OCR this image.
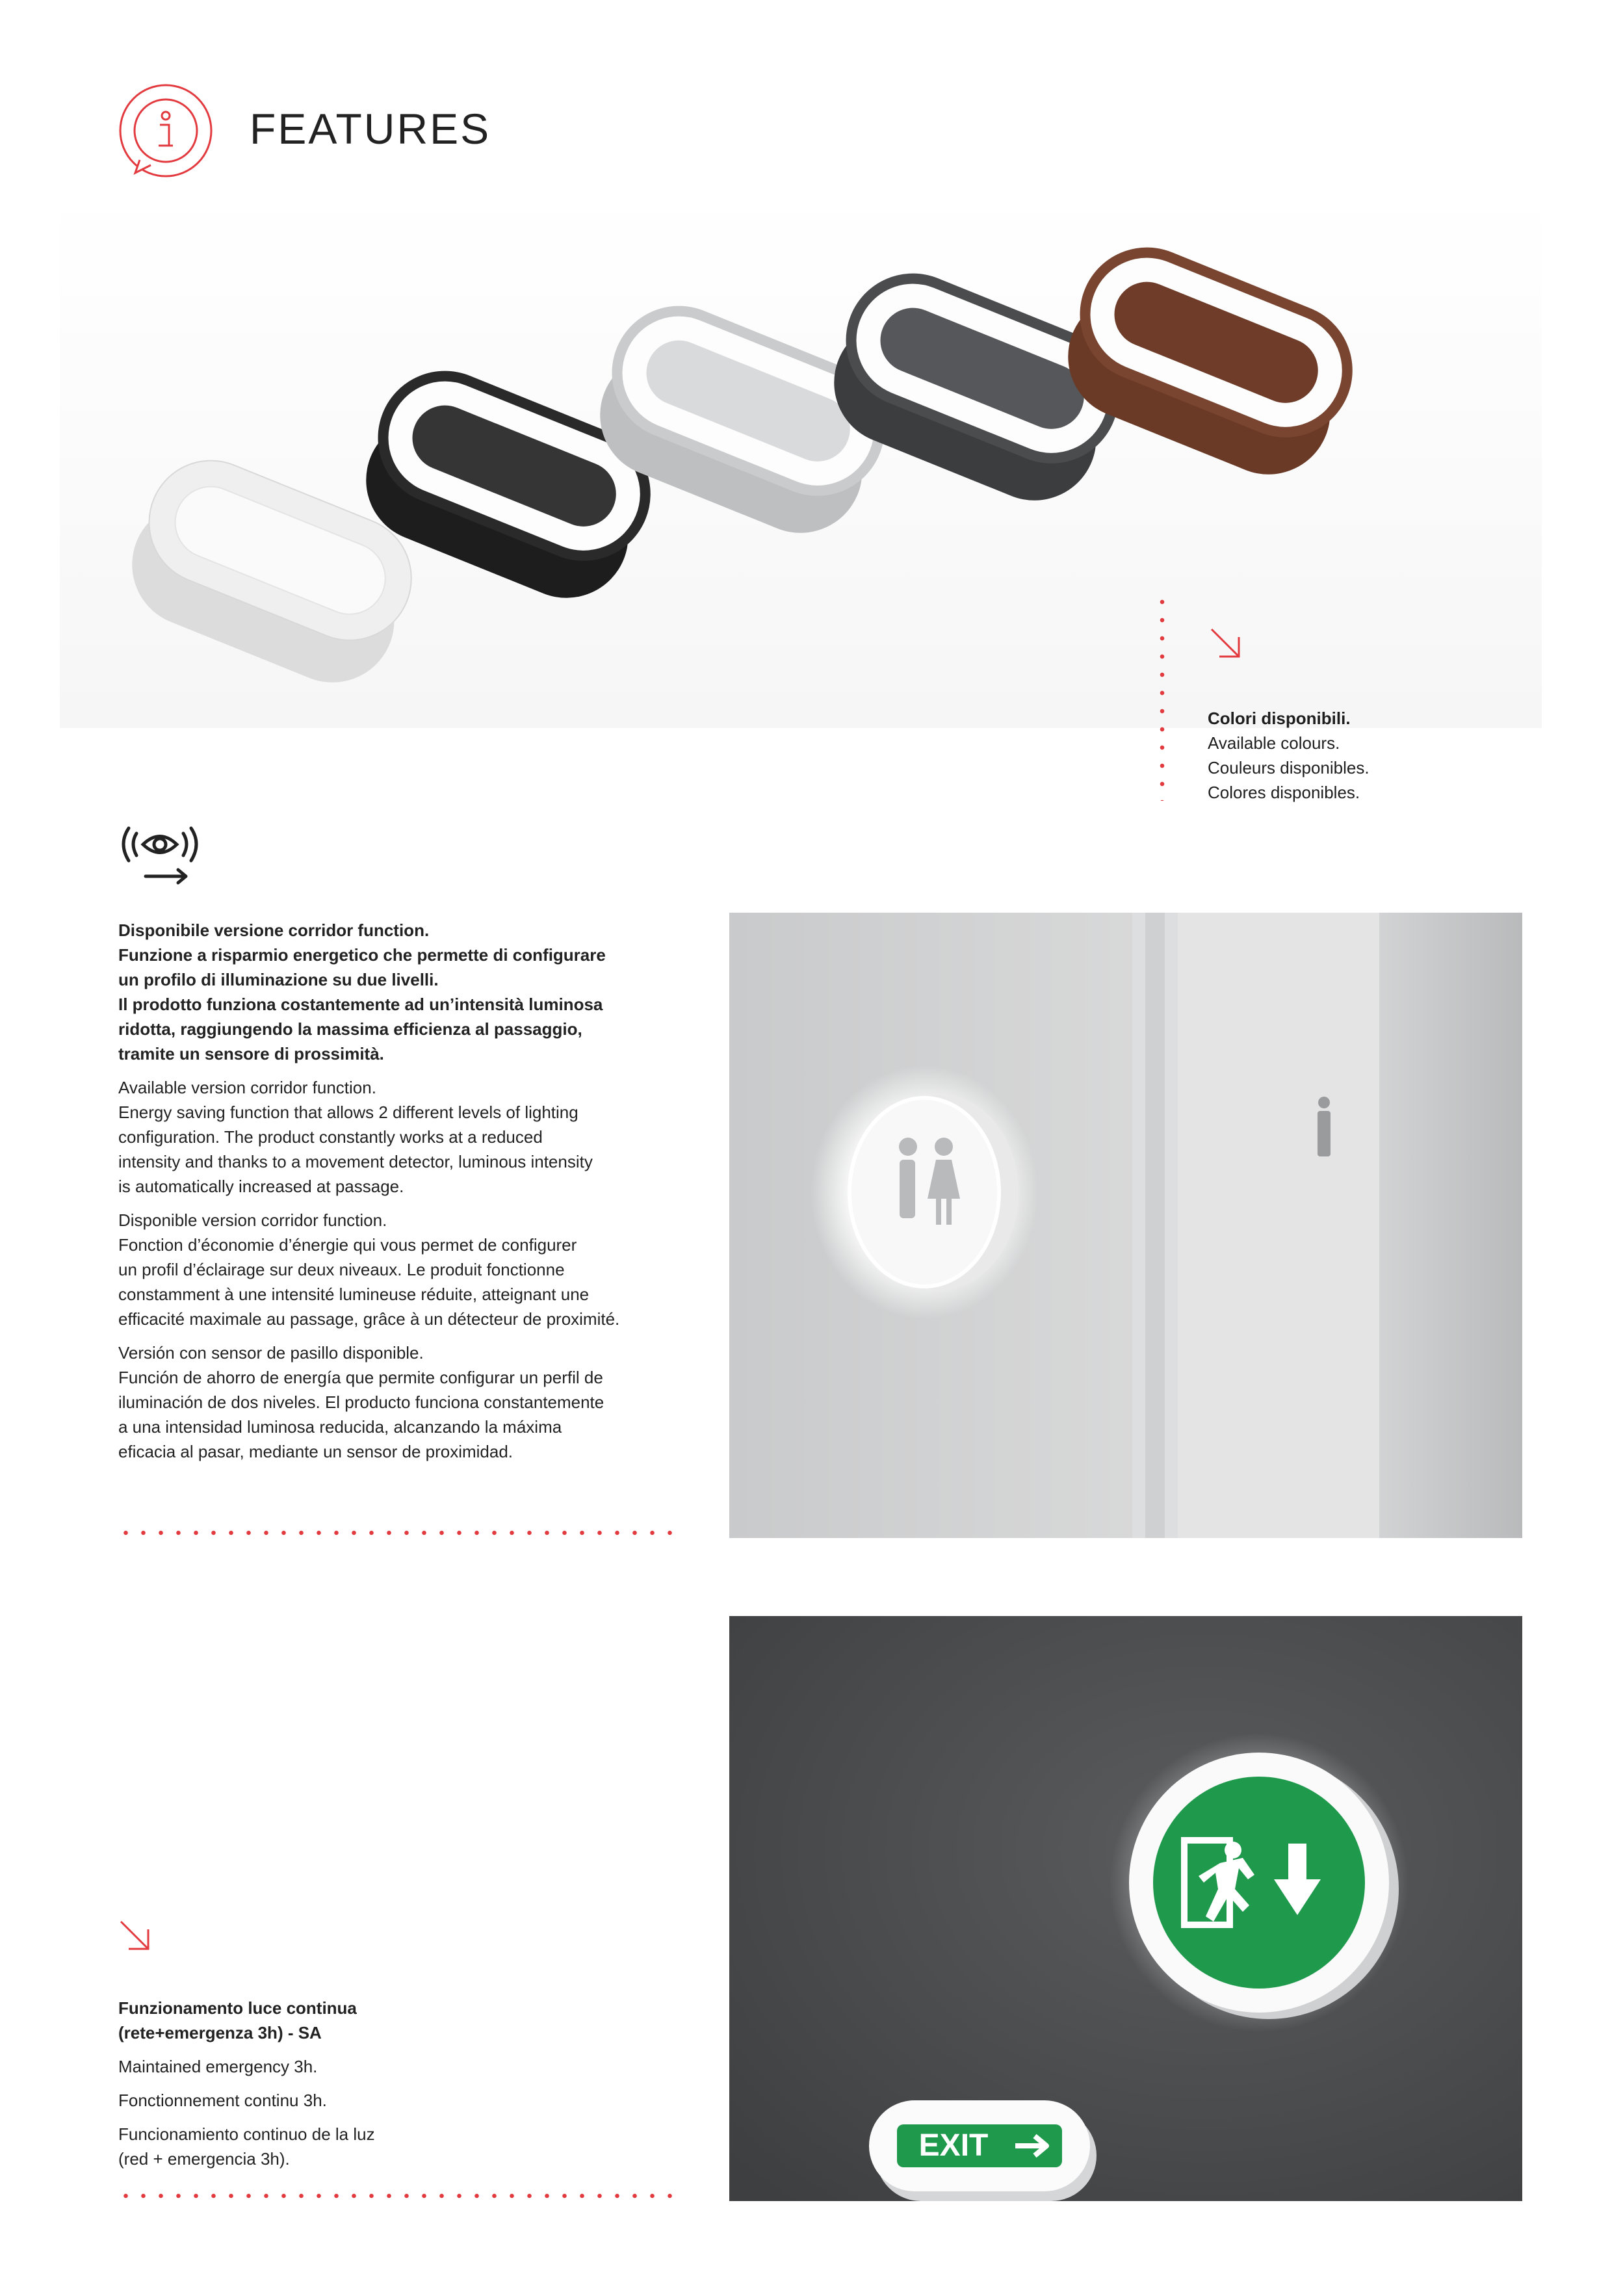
FEATURES
Colori disponibili.
Available colours.
Couleurs disponibles.
Colores disponibles.

Disponibile versione corridor function.
Funzione a risparmio energetico che permette di configurare
un profilo di illuminazione su due livelli.
Il prodotto funziona costantemente ad un’intensità luminosa
ridotta, raggiungendo la massima efficienza al passaggio,
tramite un sensore di prossimità.

Available version corridor function.
Energy saving function that allows 2 different levels of lighting
configuration. The product constantly works at a reduced
intensity and thanks to a movement detector, luminous intensity
is automatically increased at passage.

Disponible version corridor function.
Fonction d’économie d’énergie qui vous permet de configurer
un profil d’éclairage sur deux niveaux. Le produit fonctionne
constamment à une intensité lumineuse réduite, atteignant une
efficacité maximale au passage, grâce à un détecteur de proximité.

Versión con sensor de pasillo disponible.
Función de ahorro de energía que permite configurar un perfil de
iluminación de dos niveles. El producto funciona constantemente
a una intensidad luminosa reducida, alcanzando la máxima
eficacia al pasar, mediante un sensor de proximidad.

Funzionamento luce continua
(rete+emergenza 3h) - SA

Maintained emergency 3h.
Fonctionnement continu 3h.
Funcionamiento continuo de la luz
(red + emergencia 3h).	EXIT
